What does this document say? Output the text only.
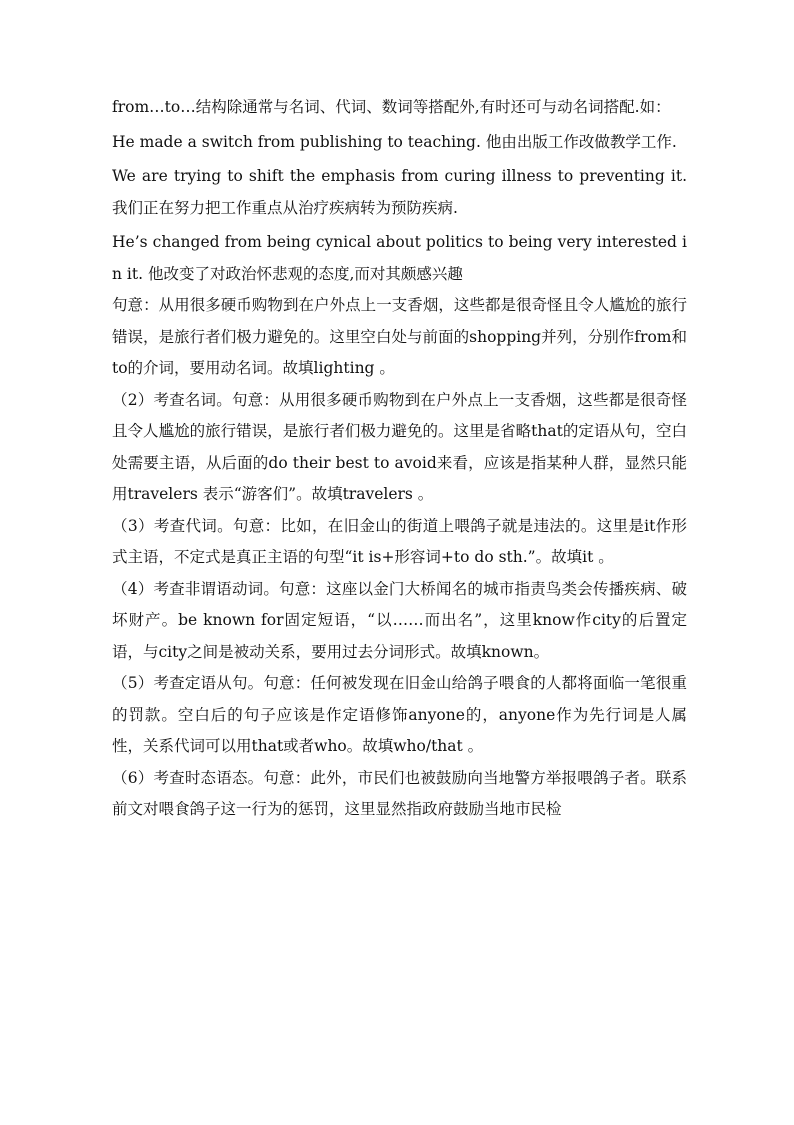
from…to…结构除通常与名词、代词、数词等搭配外,有时还可与动名词搭配.如：

He made a switch from publishing to teaching. 他由出版工作改做教学工作.

We are trying to shift the emphasis from curing illness to preventing it. 我们正在努力把工作重点从治疗疾病转为预防疾病.

He’s changed from being cynical about politics to being very interested in it. 他改变了对政治怀悲观的态度,而对其颇感兴趣

句意：从用很多硬币购物到在户外点上一支香烟，这些都是很奇怪且令人尴尬的旅行错误，是旅行者们极力避免的。这里空白处与前面的shopping并列，分别作from和to的介词，要用动名词。故填lighting 。

（2）考查名词。句意：从用很多硬币购物到在户外点上一支香烟，这些都是很奇怪且令人尴尬的旅行错误，是旅行者们极力避免的。这里是省略that的定语从句，空白处需要主语，从后面的do their best to avoid来看，应该是指某种人群，显然只能用travelers 表示“游客们”。故填travelers 。

（3）考查代词。句意：比如，在旧金山的街道上喂鸽子就是违法的。这里是it作形式主语，不定式是真正主语的句型“it is+形容词+to do sth.”。故填it 。

（4）考查非谓语动词。句意：这座以金门大桥闻名的城市指责鸟类会传播疾病、破坏财产。be known for固定短语，“以……而出名”，这里know作city的后置定语，与city之间是被动关系，要用过去分词形式。故填known。

（5）考查定语从句。句意：任何被发现在旧金山给鸽子喂食的人都将面临一笔很重的罚款。空白后的句子应该是作定语修饰anyone的，anyone作为先行词是人属性，关系代词可以用that或者who。故填who/that 。

（6）考查时态语态。句意：此外，市民们也被鼓励向当地警方举报喂鸽子者。联系前文对喂食鸽子这一行为的惩罚，这里显然指政府鼓励当地市民检
